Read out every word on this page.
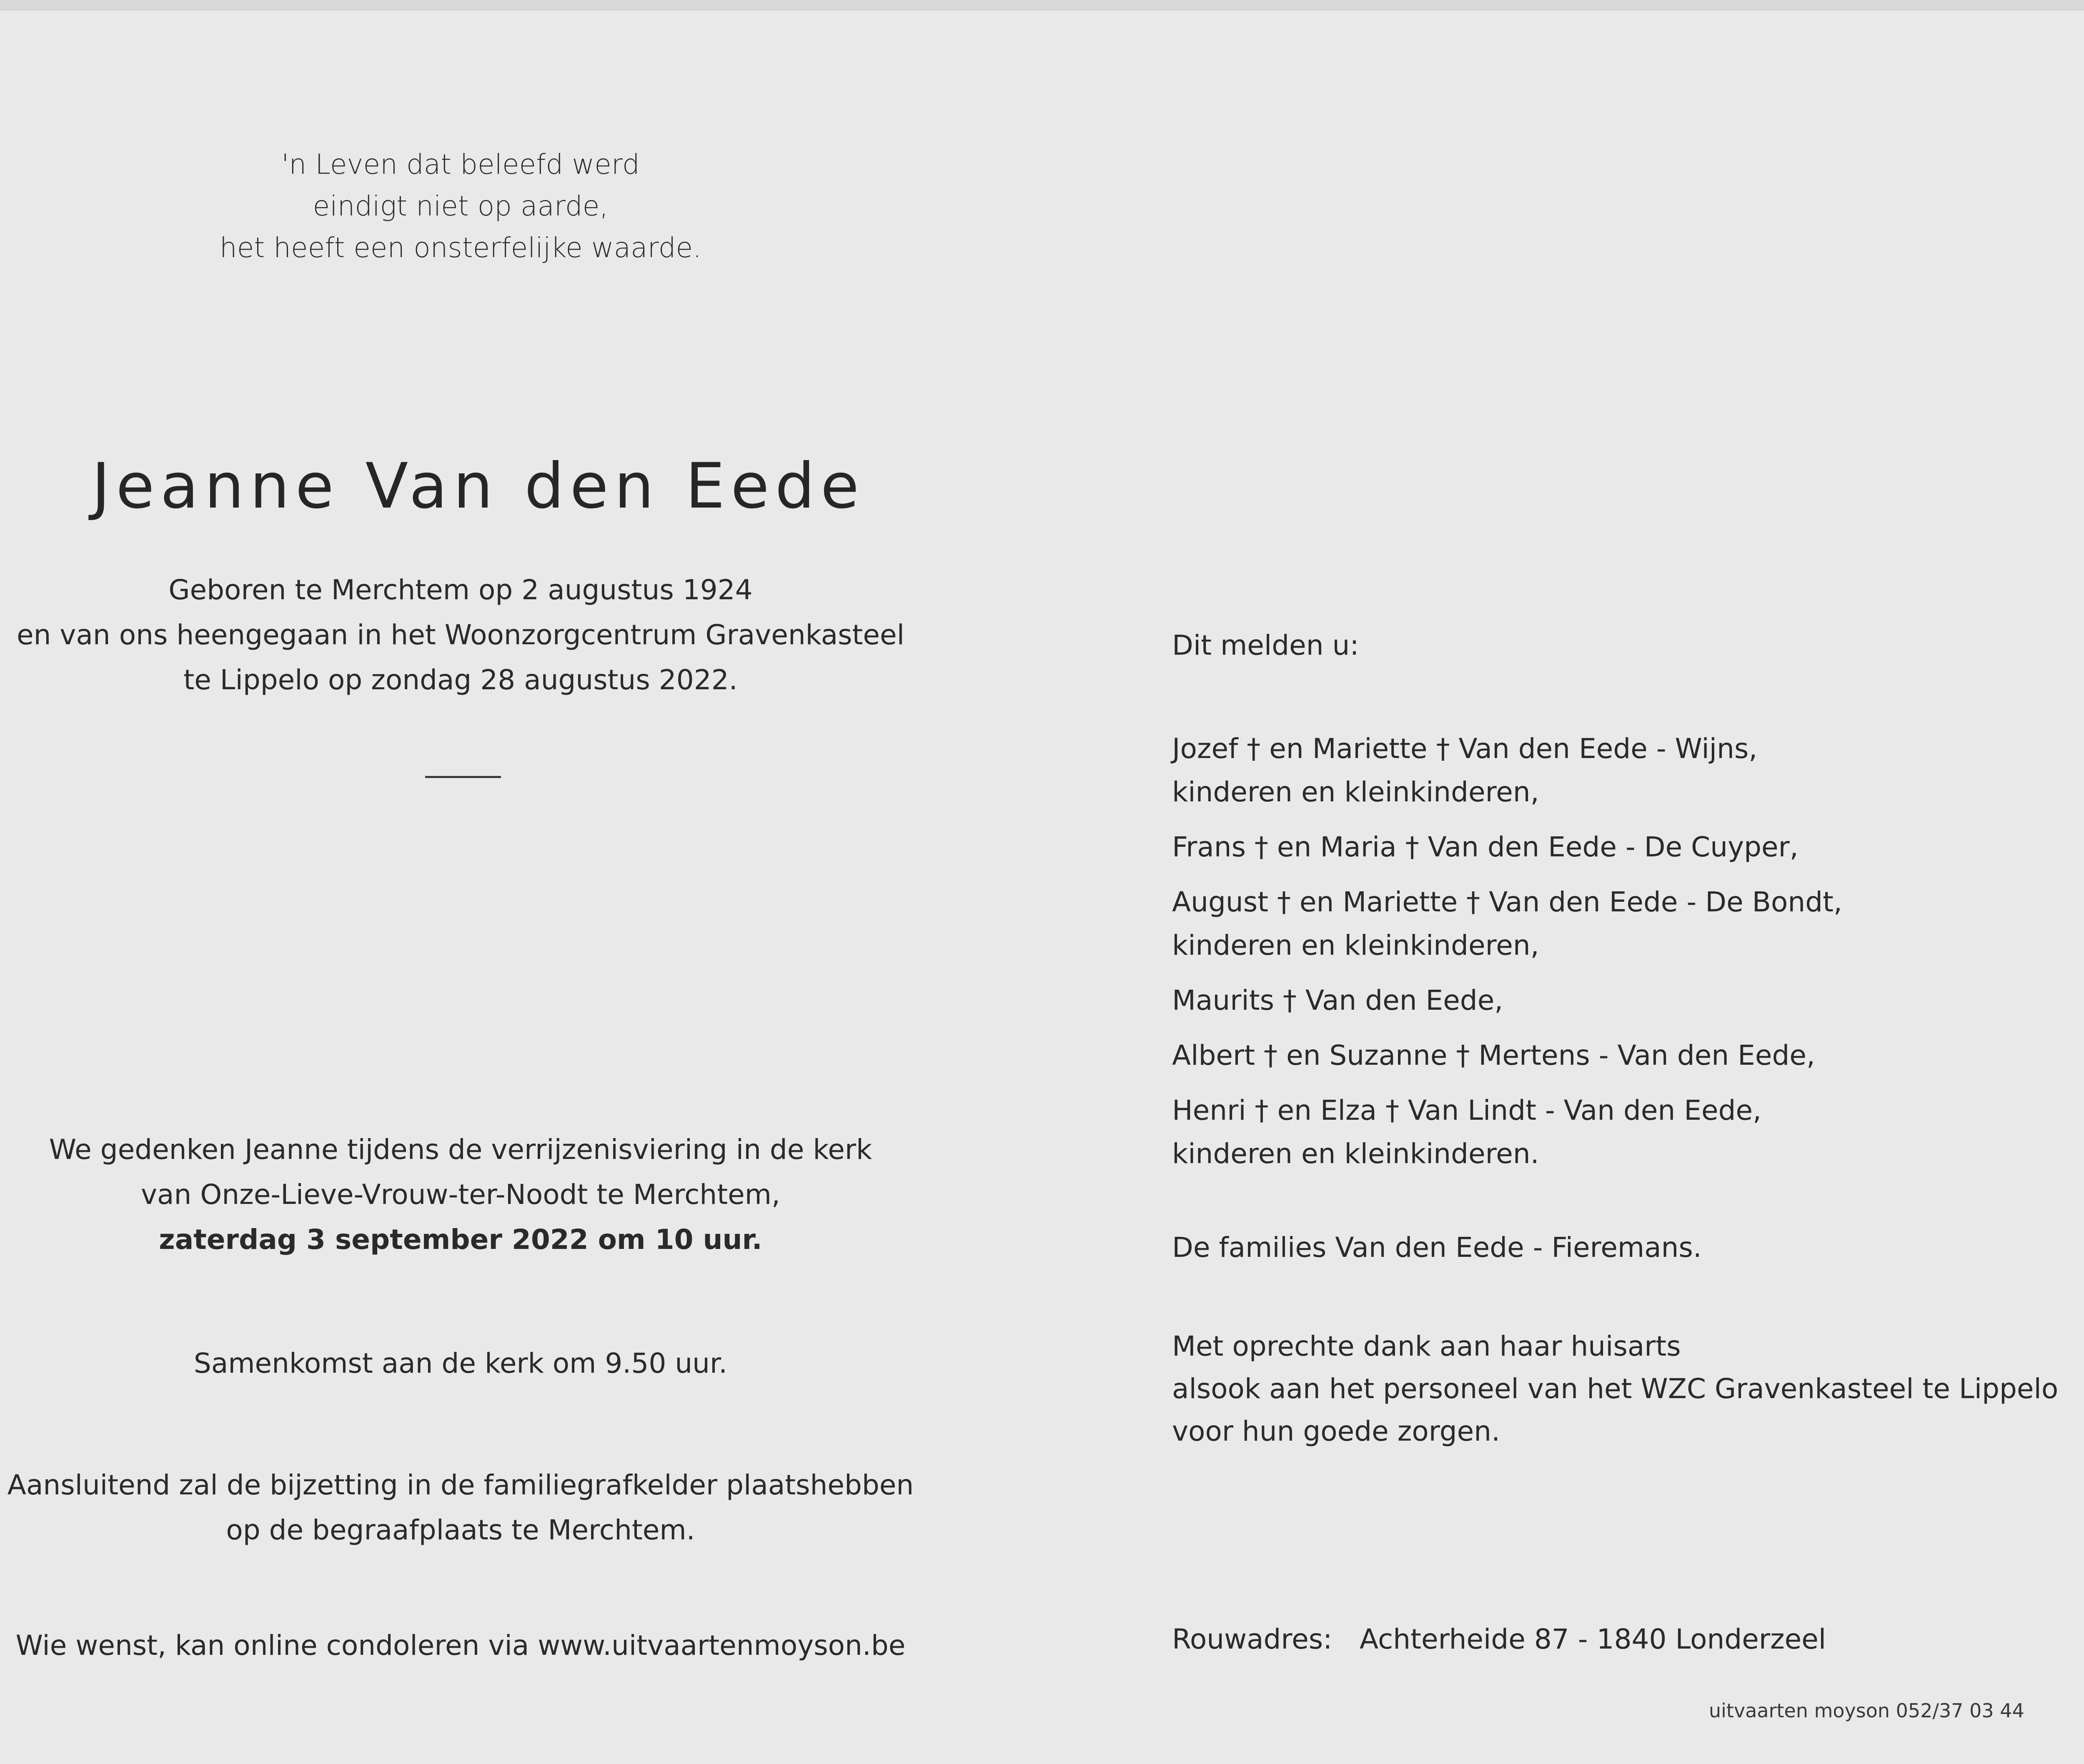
'n Leven dat beleefd werd
eindigt niet op aarde,
het heeft een onsterfelijke waarde.
Jeanne Van den Eede
Geboren te Merchtem op 2 augustus 1924
en van ons heengegaan in het Woonzorgcentrum Gravenkasteel
te Lippelo op zondag 28 augustus 2022.
We gedenken Jeanne tijdens de verrijzenisviering in de kerk
van Onze-Lieve-Vrouw-ter-Noodt te Merchtem,
zaterdag 3 september 2022 om 10 uur.
Samenkomst aan de kerk om 9.50 uur.
Aansluitend zal de bijzetting in de familiegrafkelder plaatshebben
op de begraafplaats te Merchtem.
Wie wenst, kan online condoleren via www.uitvaartenmoyson.be
Dit melden u:
Jozef † en Mariette † Van den Eede - Wijns,
kinderen en kleinkinderen,
Frans † en Maria † Van den Eede - De Cuyper,
August † en Mariette † Van den Eede - De Bondt,
kinderen en kleinkinderen,
Maurits † Van den Eede,
Albert † en Suzanne † Mertens - Van den Eede,
Henri † en Elza † Van Lindt - Van den Eede,
kinderen en kleinkinderen.
De families Van den Eede - Fieremans.
Met oprechte dank aan haar huisarts
alsook aan het personeel van het WZC Gravenkasteel te Lippelo
voor hun goede zorgen.
Rouwadres: Achterheide 87 - 1840 Londerzeel
uitvaarten moyson 052/37 03 44
